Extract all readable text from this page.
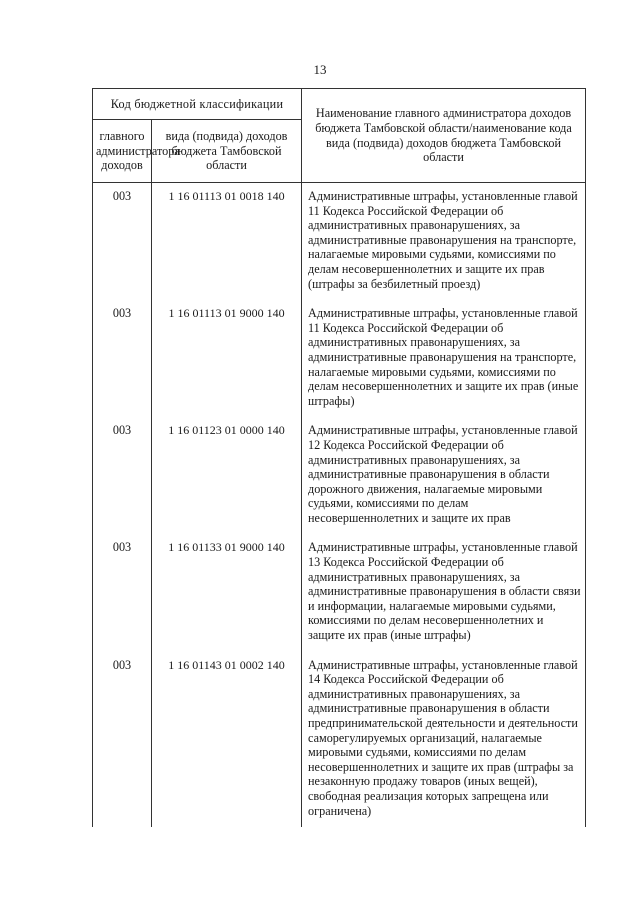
13
Код бюджетной классификации		Наименование главного администратора доходов бюджета Тамбовской области/наименование кода вида (подвида) доходов бюджета Тамбовской области
главного администратора доходов	вида (подвида) доходов бюджета Тамбовской области	
003	1 16 01113 01 0018 140	Административные штрафы, установленные главой 11 Кодекса Российской Федерации об административных правонарушениях, за административные правонарушения на транспорте, налагаемые мировыми судьями, комиссиями по делам несовершеннолетних и защите их прав (штрафы за безбилетный проезд)
003	1 16 01113 01 9000 140	Административные штрафы, установленные главой 11 Кодекса Российской Федерации об административных правонарушениях, за административные правонарушения на транспорте, налагаемые мировыми судьями, комиссиями по делам несовершеннолетних и защите их прав (иные штрафы)
003	1 16 01123 01 0000 140	Административные штрафы, установленные главой 12 Кодекса Российской Федерации об административных правонарушениях, за административные правонарушения в области дорожного движения, налагаемые мировыми судьями, комиссиями по делам несовершеннолетних и защите их прав
003	1 16 01133 01 9000 140	Административные штрафы, установленные главой 13 Кодекса Российской Федерации об административных правонарушениях, за административные правонарушения в области связи и информации, налагаемые мировыми судьями, комиссиями по делам несовершеннолетних и защите их прав (иные штрафы)
003	1 16 01143 01 0002 140	Административные штрафы, установленные главой 14 Кодекса Российской Федерации об административных правонарушениях, за административные правонарушения в области предпринимательской деятельности и деятельности саморегулируемых организаций, налагаемые мировыми судьями, комиссиями по делам несовершеннолетних и защите их прав (штрафы за незаконную продажу товаров (иных вещей), свободная реализация которых запрещена или ограничена)
